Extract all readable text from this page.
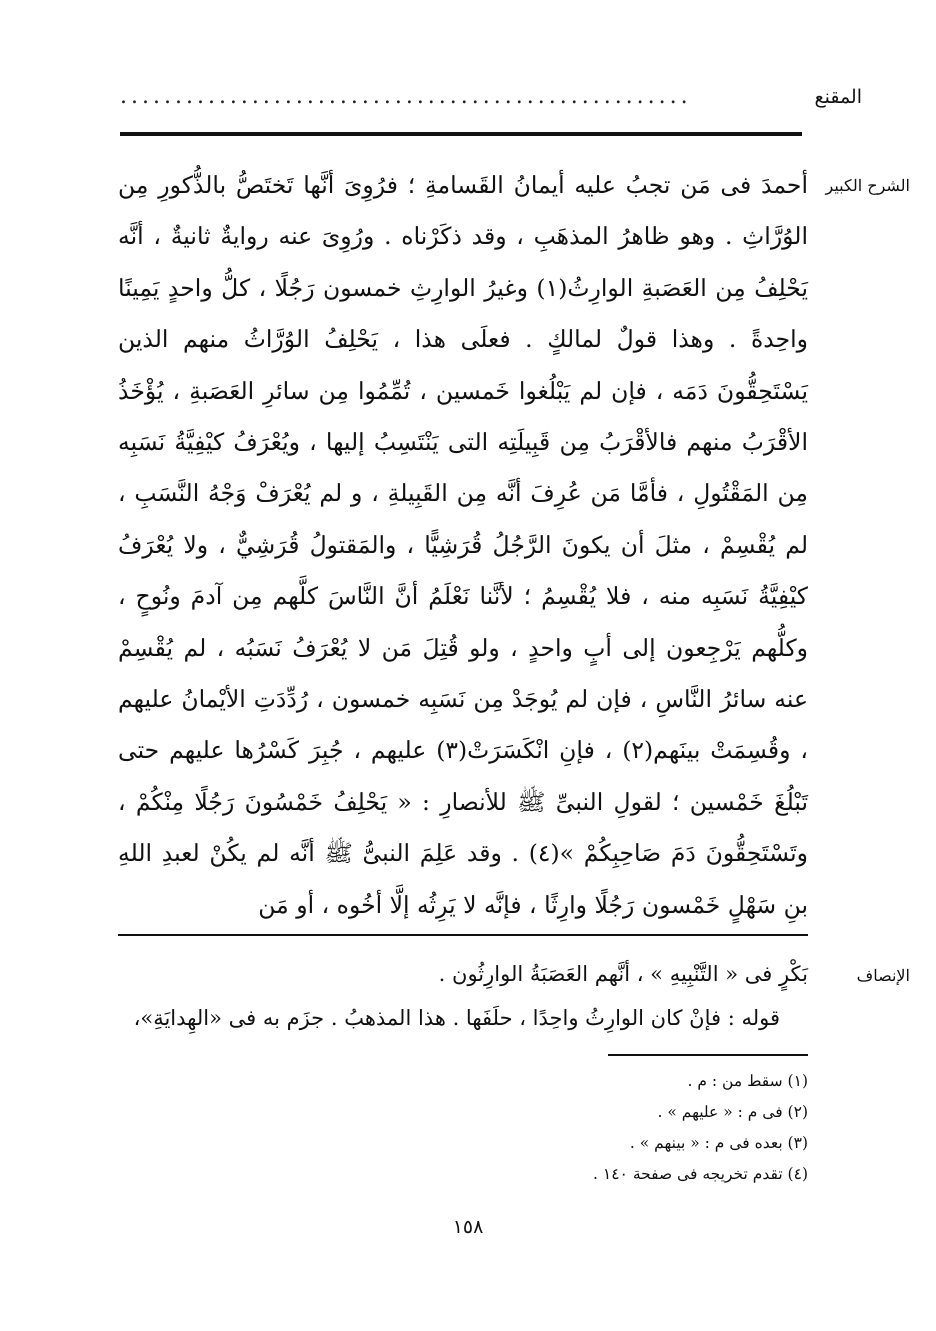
المقنع
....................................................
الشرح الكبير

أحمدَ فى مَن تجبُ عليه أيمانُ القَسامةِ ؛ فرُوِىَ أنَّها تَختَصُّ بالذُّكورِ مِن الوُرَّاثِ . وهو ظاهرُ المذهَبِ ، وقد ذكَرْناه . ورُوِىَ عنه روايةٌ ثانيةٌ ، أنَّه يَحْلِفُ مِن العَصَبةِ الوارِثُ(١) وغيرُ الوارِثِ خمسون رَجُلًا ، كلُّ واحدٍ يَمِينًا واحِدةً . وهذا قولٌ لمالكٍ . فعلَى هذا ، يَحْلِفُ الوُرَّاثُ منهم الذين يَسْتَحِقُّونَ دَمَه ، فإن لم يَبْلُغوا خَمسين ، تُمِّمُوا مِن سائرِ العَصَبةِ ، يُؤْخَذُ الأقْرَبُ منهم فالأقْرَبُ مِن قَبِيلَتِه التى يَنْتَسِبُ إليها ، ويُعْرَفُ كيْفِيَّةُ نَسَبِه مِن المَقْتُولِ ، فأمَّا مَن عُرِفَ أنَّه مِن القَبِيلةِ ، و لم يُعْرَفْ وَجْهُ النَّسَبِ ، لم يُقْسِمْ ، مثلَ أن يكونَ الرَّجُلُ قُرَشِيًّا ، والمَقتولُ قُرَشِيٌّ ، ولا يُعْرَفُ كيْفِيَّةُ نَسَبِه منه ، فلا يُقْسِمُ ؛ لأنَّنا نَعْلَمُ أنَّ النَّاسَ كلَّهم مِن آدمَ ونُوحٍ ، وكلُّهم يَرْجِعون إلى أبٍ واحدٍ ، ولو قُتِلَ مَن لا يُعْرَفُ نَسَبُه ، لم يُقْسِمْ عنه سائرُ النَّاسِ ، فإن لم يُوجَدْ مِن نَسَبِه خمسون ، رُدِّدَتِ الأيْمانُ عليهم ، وقُسِمَتْ بينَهم(٢) ، فإنِ انْكَسَرَتْ(٣) عليهم ، جُبِرَ كَسْرُها عليهم حتى تَبْلُغَ خَمْسين ؛ لقولِ النبىِّ ﷺ للأنصارِ : « يَحْلِفُ خَمْسُونَ رَجُلًا مِنْكُمْ ، وتَسْتَحِقُّونَ دَمَ صَاحِبِكُمْ »(٤) . وقد عَلِمَ النبىُّ ﷺ أنَّه لم يكُنْ لعبدِ اللهِ بنِ سَهْلٍ خَمْسون رَجُلًا وارِثًا ، فإنَّه لا يَرِثُه إلَّا أخُوه ، أو مَن

الإنصاف

بَكْرٍ فى « التَّنْبِيهِ » ، أنَّهم العَصَبَةُ الوارِثُون .

قوله : فإنْ كان الوارِثُ واحِدًا ، حلَفَها . هذا المذهبُ . جزَم به فى «الهِدايَةِ»،

(١) سقط من : م .
(٢) فى م : « عليهم » .
(٣) بعده فى م : « بينهم » .
(٤) تقدم تخريجه فى صفحة ١٤٠ .
١٥٨
